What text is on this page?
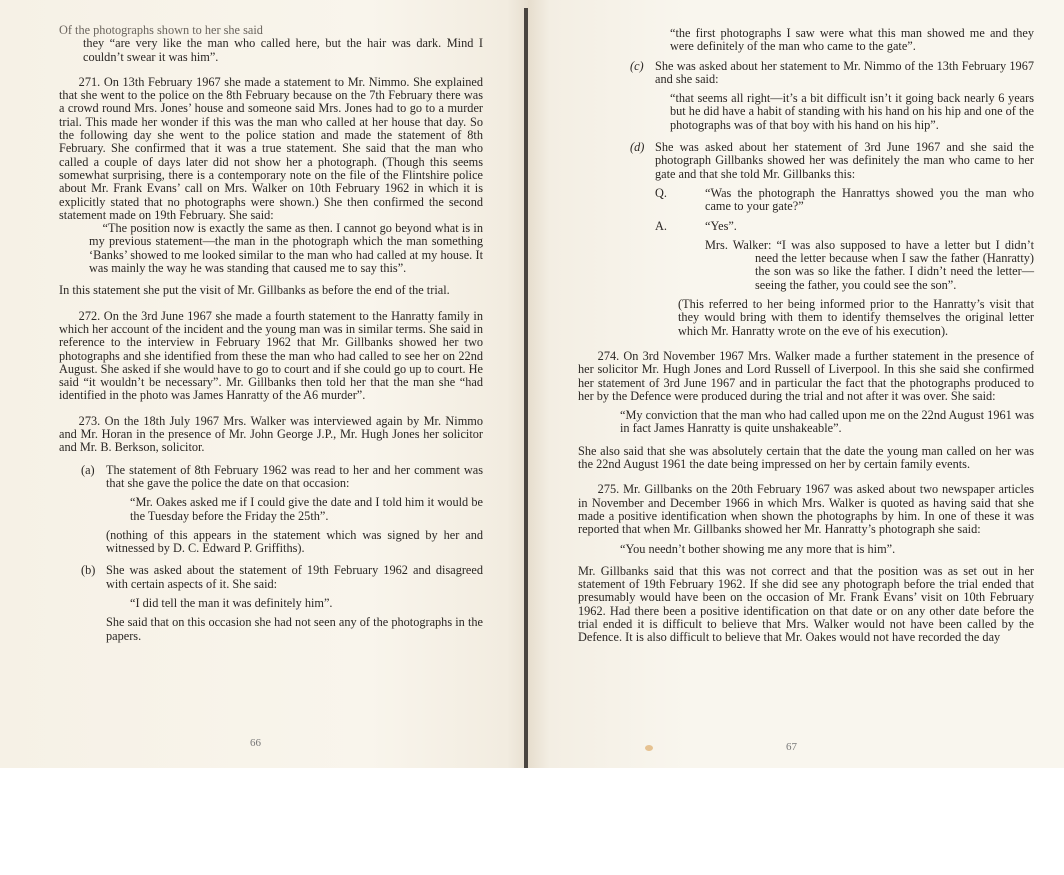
Of the photographs shown to her she said

they “are very like the man who called here, but the hair was dark. Mind I couldn’t swear it was him”.

271. On 13th February 1967 she made a statement to Mr. Nimmo. She explained that she went to the police on the 8th February because on the 7th February there was a crowd round Mrs. Jones’ house and someone said Mrs. Jones had to go to a murder trial. This made her wonder if this was the man who called at her house that day. So the following day she went to the police station and made the statement of 8th February. She confirmed that it was a true statement. She said that the man who called a couple of days later did not show her a photograph. (Though this seems somewhat surprising, there is a contemporary note on the file of the Flintshire police about Mr. Frank Evans’ call on Mrs. Walker on 10th February 1962 in which it is explicitly stated that no photographs were shown.) She then confirmed the second statement made on 19th February. She said:

“The position now is exactly the same as then. I cannot go beyond what is in my previous statement—the man in the photograph which the man something ‘Banks’ showed to me looked similar to the man who had called at my house. It was mainly the way he was standing that caused me to say this”.

In this statement she put the visit of Mr. Gillbanks as before the end of the trial.

272. On the 3rd June 1967 she made a fourth statement to the Hanratty family in which her account of the incident and the young man was in similar terms. She said in reference to the interview in February 1962 that Mr. Gillbanks showed her two photographs and she identified from these the man who had called to see her on 22nd August. She asked if she would have to go to court and if she could go up to court. He said “it wouldn’t be necessary”. Mr. Gillbanks then told her that the man she “had identified in the photo was James Hanratty of the A6 murder”.

273. On the 18th July 1967 Mrs. Walker was interviewed again by Mr. Nimmo and Mr. Horan in the presence of Mr. John George J.P., Mr. Hugh Jones her solicitor and Mr. B. Berkson, solicitor.

(a) The statement of 8th February 1962 was read to her and her comment was that she gave the police the date on that occasion:

“Mr. Oakes asked me if I could give the date and I told him it would be the Tuesday before the Friday the 25th”.

(nothing of this appears in the statement which was signed by her and witnessed by D. C. Edward P. Griffiths).

(b) She was asked about the statement of 19th February 1962 and disagreed with certain aspects of it. She said:

“I did tell the man it was definitely him”.

She said that on this occasion she had not seen any of the photographs in the papers.

66

“the first photographs I saw were what this man showed me and they were definitely of the man who came to the gate”.

(c) She was asked about her statement to Mr. Nimmo of the 13th February 1967 and she said:

“that seems all right—it’s a bit difficult isn’t it going back nearly 6 years but he did have a habit of standing with his hand on his hip and one of the photographs was of that boy with his hand on his hip”.

(d) She was asked about her statement of 3rd June 1967 and she said the photograph Gillbanks showed her was definitely the man who came to her gate and that she told Mr. Gillbanks this:

Q.	“Was the photograph the Hanrattys showed you the man who came to your gate?”

A.	“Yes”.

Mrs. Walker: “I was also supposed to have a letter but I didn’t need the letter because when I saw the father (Hanratty) the son was so like the father. I didn’t need the letter—seeing the father, you could see the son”.

(This referred to her being informed prior to the Hanratty’s visit that they would bring with them to identify themselves the original letter which Mr. Hanratty wrote on the eve of his execution).

274. On 3rd November 1967 Mrs. Walker made a further statement in the presence of her solicitor Mr. Hugh Jones and Lord Russell of Liverpool. In this she said she confirmed her statement of 3rd June 1967 and in particular the fact that the photographs produced to her by the Defence were produced during the trial and not after it was over. She said:

“My conviction that the man who had called upon me on the 22nd August 1961 was in fact James Hanratty is quite unshakeable”.

She also said that she was absolutely certain that the date the young man called on her was the 22nd August 1961 the date being impressed on her by certain family events.

275. Mr. Gillbanks on the 20th February 1967 was asked about two newspaper articles in November and December 1966 in which Mrs. Walker is quoted as having said that she made a positive identification when shown the photographs by him. In one of these it was reported that when Mr. Gillbanks showed her Mr. Hanratty’s photograph she said:

“You needn’t bother showing me any more that is him”.

Mr. Gillbanks said that this was not correct and that the position was as set out in her statement of 19th February 1962. If she did see any photograph before the trial ended that presumably would have been on the occasion of Mr. Frank Evans’ visit on 10th February 1962. Had there been a positive identification on that date or on any other date before the trial ended it is difficult to believe that Mrs. Walker would not have been called by the Defence. It is also difficult to believe that Mr. Oakes would not have recorded the day

67
